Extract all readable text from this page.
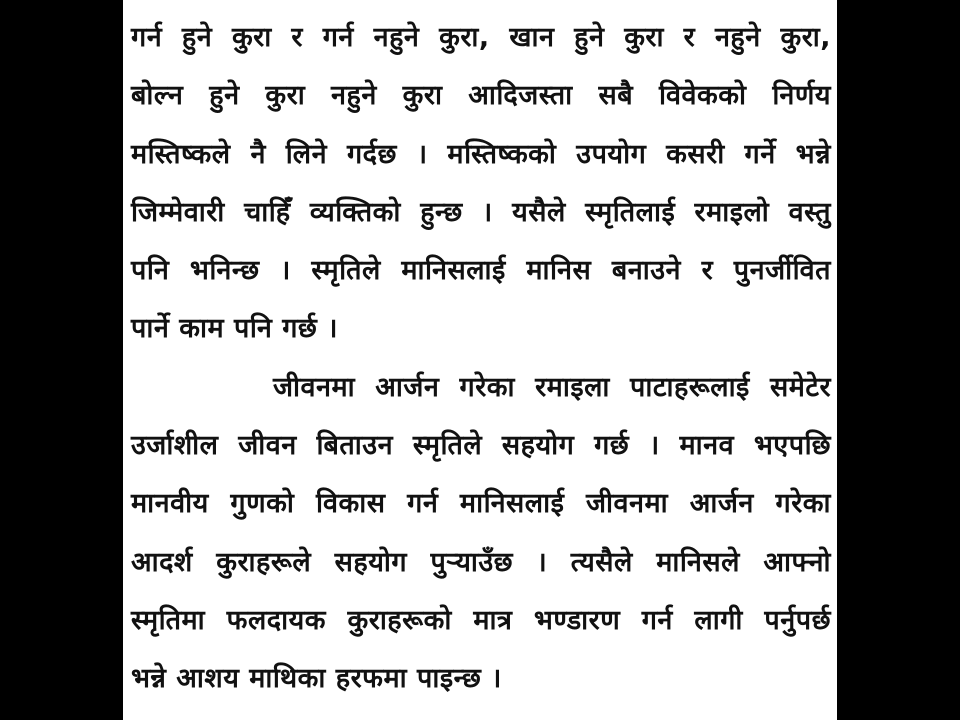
गर्न हुने कुरा र गर्न नहुने कुरा, खान हुने कुरा र नहुने कुरा,
बोल्न हुने कुरा नहुने कुरा आदिजस्ता सबै विवेकको निर्णय
मस्तिष्कले नै लिने गर्दछ । मस्तिष्कको उपयोग कसरी गर्ने भन्ने
जिम्मेवारी चाहिँ व्यक्तिको हुन्छ । यसैले स्मृतिलाई रमाइलो वस्तु
पनि भनिन्छ । स्मृतिले मानिसलाई मानिस बनाउने र पुनर्जीवित
पार्ने काम पनि गर्छ ।
जीवनमा आर्जन गरेका रमाइला पाटाहरूलाई समेटेर
उर्जाशील जीवन बिताउन स्मृतिले सहयोग गर्छ । मानव भएपछि
मानवीय गुणको विकास गर्न मानिसलाई जीवनमा आर्जन गरेका
आदर्श कुराहरूले सहयोग पुर्‍याउँछ । त्यसैले मानिसले आफ्नो
स्मृतिमा फलदायक कुराहरूको मात्र भण्डारण गर्न लागी पर्नुपर्छ
भन्ने आशय माथिका हरफमा पाइन्छ ।
